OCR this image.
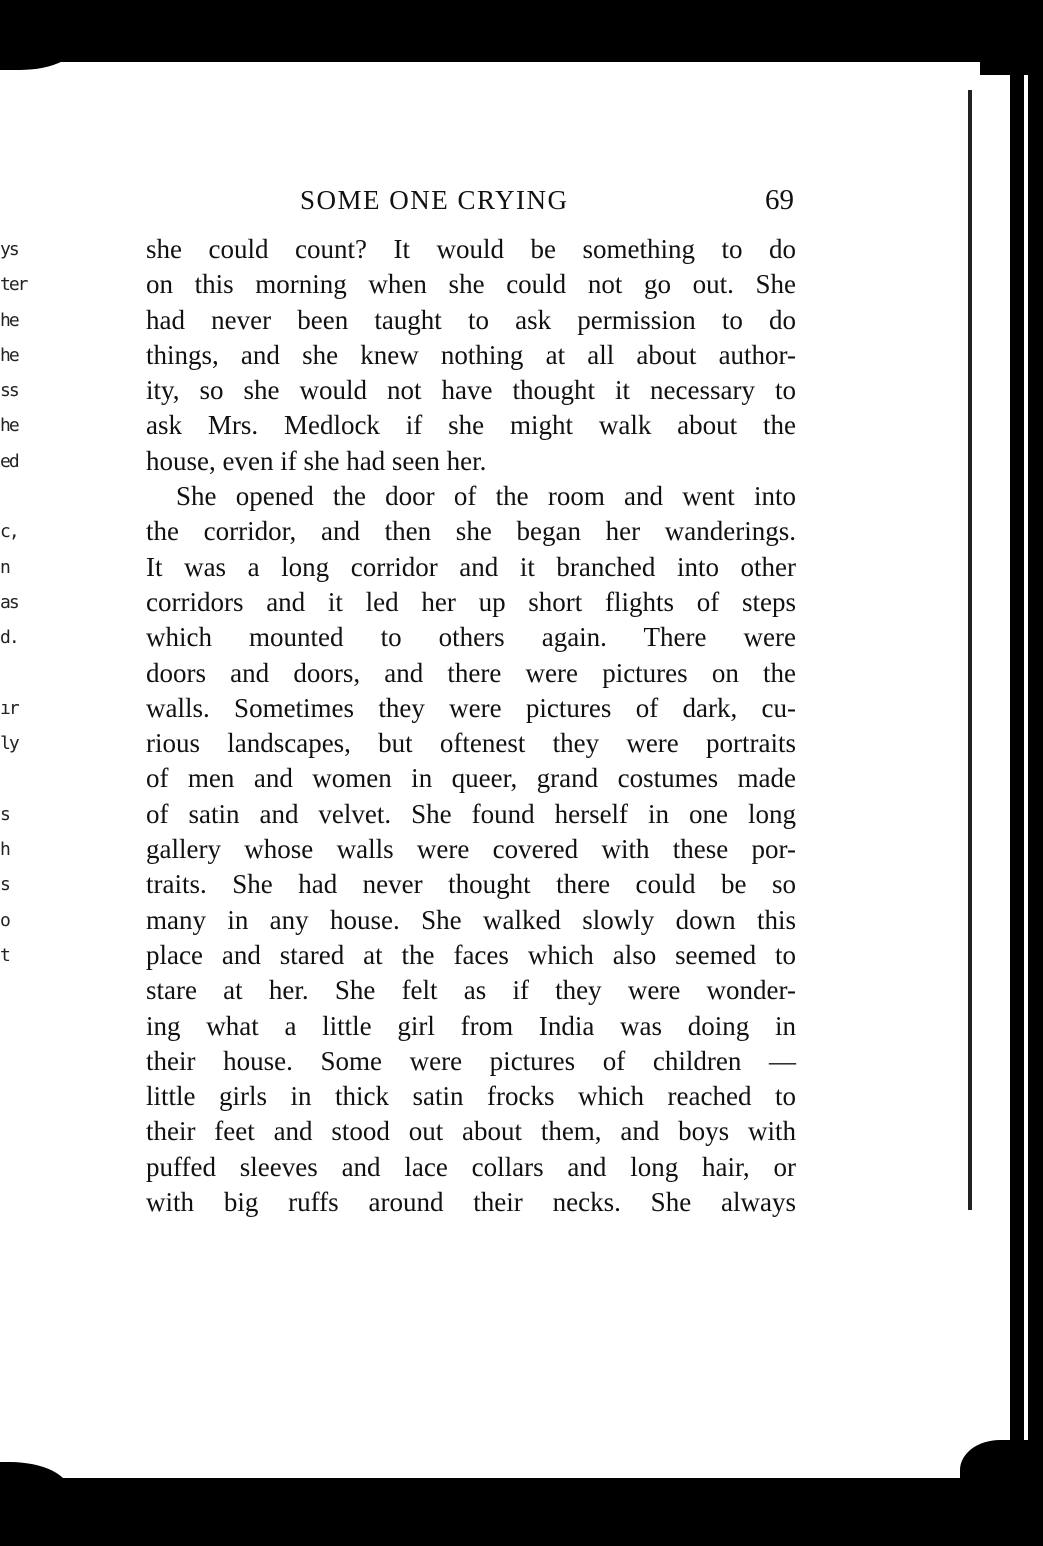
ys
ter
he
he
ss
he
ed
c,
n
as
d.
ır
ly
s
h
s
o
t
SOME ONE CRYING	69
she could count? It would be something to do
on this morning when she could not go out. She
had never been taught to ask permission to do
things, and she knew nothing at all about author-
ity, so she would not have thought it necessary to
ask Mrs. Medlock if she might walk about the
house, even if she had seen her.
She opened the door of the room and went into
the corridor, and then she began her wanderings.
It was a long corridor and it branched into other
corridors and it led her up short flights of steps
which mounted to others again. There were
doors and doors, and there were pictures on the
walls. Sometimes they were pictures of dark, cu-
rious landscapes, but oftenest they were portraits
of men and women in queer, grand costumes made
of satin and velvet. She found herself in one long
gallery whose walls were covered with these por-
traits. She had never thought there could be so
many in any house. She walked slowly down this
place and stared at the faces which also seemed to
stare at her. She felt as if they were wonder-
ing what a little girl from India was doing in
their house. Some were pictures of children —
little girls in thick satin frocks which reached to
their feet and stood out about them, and boys with
puffed sleeves and lace collars and long hair, or
with big ruffs around their necks. She always
